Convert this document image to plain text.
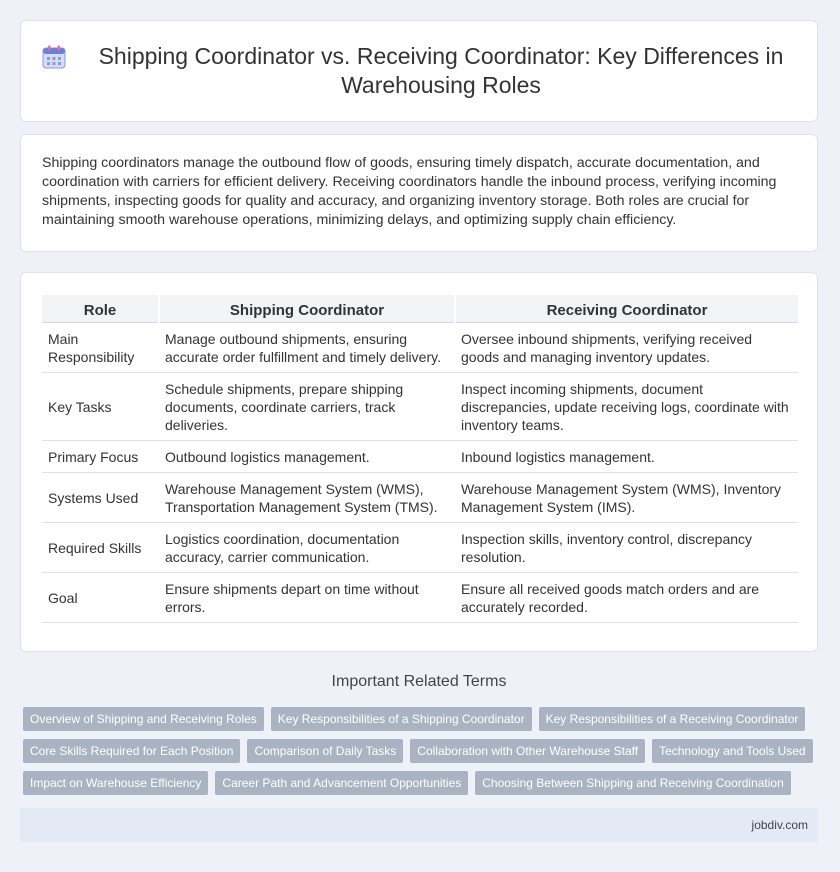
Shipping Coordinator vs. Receiving Coordinator: Key Differences in Warehousing Roles

Shipping coordinators manage the outbound flow of goods, ensuring timely dispatch, accurate documentation, and coordination with carriers for efficient delivery. Receiving coordinators handle the inbound process, verifying incoming shipments, inspecting goods for quality and accuracy, and organizing inventory storage. Both roles are crucial for maintaining smooth warehouse operations, minimizing delays, and optimizing supply chain efficiency.

Role	Shipping Coordinator	Receiving Coordinator
Main Responsibility	Manage outbound shipments, ensuring accurate order fulfillment and timely delivery.	Oversee inbound shipments, verifying received goods and managing inventory updates.
Key Tasks	Schedule shipments, prepare shipping documents, coordinate carriers, track deliveries.	Inspect incoming shipments, document discrepancies, update receiving logs, coordinate with inventory teams.
Primary Focus	Outbound logistics management.	Inbound logistics management.
Systems Used	Warehouse Management System (WMS), Transportation Management System (TMS).	Warehouse Management System (WMS), Inventory Management System (IMS).
Required Skills	Logistics coordination, documentation accuracy, carrier communication.	Inspection skills, inventory control, discrepancy resolution.
Goal	Ensure shipments depart on time without errors.	Ensure all received goods match orders and are accurately recorded.
Important Related Terms
Overview of Shipping and Receiving Roles	Key Responsibilities of a Shipping Coordinator	Key Responsibilities of a Receiving Coordinator
Core Skills Required for Each Position	Comparison of Daily Tasks	Collaboration with Other Warehouse Staff	Technology and Tools Used
Impact on Warehouse Efficiency	Career Path and Advancement Opportunities	Choosing Between Shipping and Receiving Coordination
jobdiv.com
